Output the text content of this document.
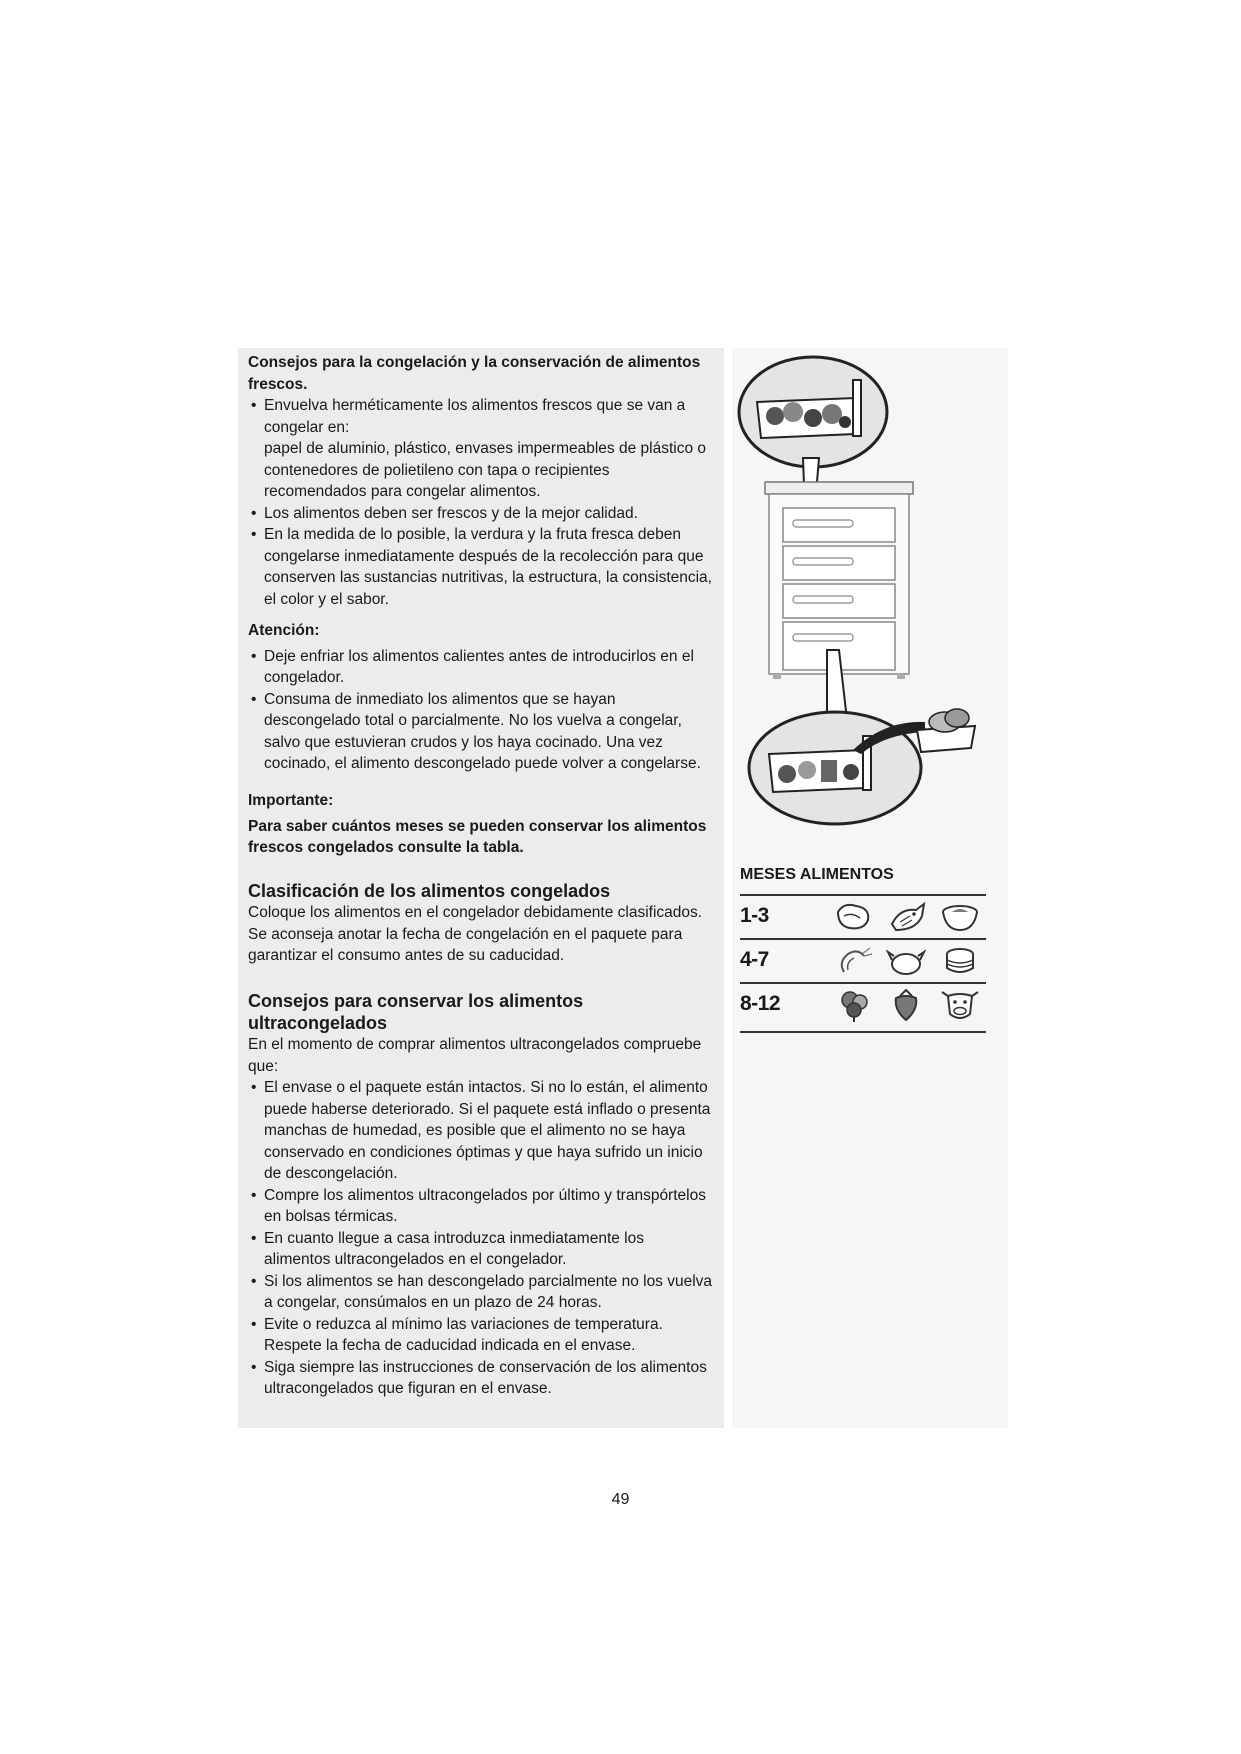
Consejos para la congelación y la conservación de alimentos frescos.

• Envuelva herméticamente los alimentos frescos que se van a congelar en:
papel de aluminio, plástico, envases impermeables de plástico o contenedores de polietileno con tapa o recipientes recomendados para congelar alimentos.
• Los alimentos deben ser frescos y de la mejor calidad.
• En la medida de lo posible, la verdura y la fruta fresca deben congelarse inmediatamente después de la recolección para que conserven las sustancias nutritivas, la estructura, la consistencia, el color y el sabor.

Atención:

• Deje enfriar los alimentos calientes antes de introducirlos en el congelador.
• Consuma de inmediato los alimentos que se hayan descongelado total o parcialmente. No los vuelva a congelar, salvo que estuvieran crudos y los haya cocinado. Una vez cocinado, el alimento descongelado puede volver a congelarse.

Importante:

Para saber cuántos meses se pueden conservar los alimentos frescos congelados consulte la tabla.

Clasificación de los alimentos congelados

Coloque los alimentos en el congelador debidamente clasificados. Se aconseja anotar la fecha de congelación en el paquete para garantizar el consumo antes de su caducidad.

Consejos para conservar los alimentos
ultracongelados

En el momento de comprar alimentos ultracongelados compruebe que:

• El envase o el paquete están intactos. Si no lo están, el alimento puede haberse deteriorado. Si el paquete está inflado o presenta manchas de humedad, es posible que el alimento no se haya conservado en condiciones óptimas y que haya sufrido un inicio de descongelación.
• Compre los alimentos ultracongelados por último y transpórtelos en bolsas térmicas.
• En cuanto llegue a casa introduzca inmediatamente los alimentos ultracongelados en el congelador.
• Si los alimentos se han descongelado parcialmente no los vuelva a congelar, consúmalos en un plazo de 24 horas.
• Evite o reduzca al mínimo las variaciones de temperatura. Respete la fecha de caducidad indicada en el envase.
• Siga siempre las instrucciones de conservación de los alimentos ultracongelados que figuran en el envase.
MESES ALIMENTOS
1-3
4-7
8-12
49
